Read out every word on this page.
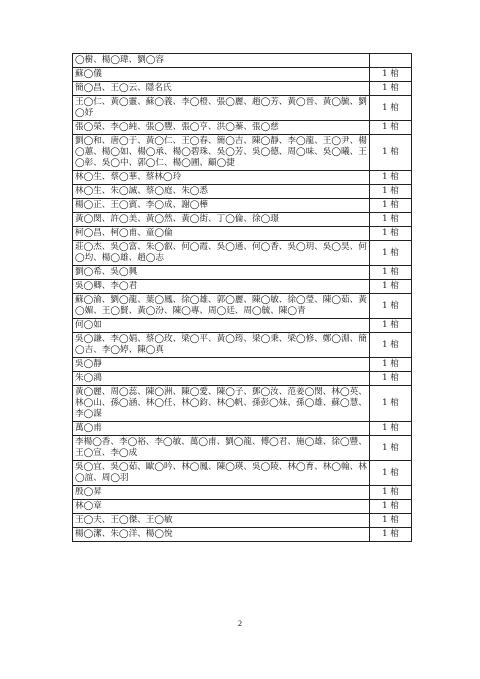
◯樹、楊◯瑋、劉◯容	
蘇◯儀	1 棺
簡◯昌、王◯云、隱名氏	1 棺
王◯仁、黃◯靈、蘇◯義、李◯橙、張◯麗、趙◯芳、黃◯晉、黃◯毓、劉◯妤	1 棺
張◯榮、李◯純、張◯豐、張◯亨、洪◯蓁、張◯慈	1 棺
劉◯和、唐◯于、黃◯仁、王◯春、簡◯吉、陳◯靜、李◯龍、王◯尹、楊◯蕙、楊◯如、楊◯承、楊◯碧珠、吳◯芳、吳◯德、周◯味、吳◯曦、王◯彰、吳◯中、郭◯仁、楊◯圃、顧◯捷	1 棺
林◯生、蔡◯華、蔡林◯玲	1 棺
林◯生、朱◯誠、蔡◯庭、朱◯悉	1 棺
楊◯正、王◯賓、李◯成、謝◯樺	1 棺
黃◯閔、許◯美、黃◯然、黃◯街、丁◯倫、徐◯璟	1 棺
柯◯昌、柯◯甫、童◯倫	1 棺
莊◯杰、吳◯富、朱◯叡、何◯霞、吳◯通、何◯香、吳◯玥、吳◯昊、何◯均、楊◯雄、趙◯志	1 棺
劉◯希、吳◯興	1 棺
吳◯卿、李◯君	1 棺
蘇◯渝、劉◯龍、葉◯鳳、徐◯雄、郭◯麗、陳◯敏、徐◯瑩、陳◯茹、黃◯媚、王◯賢、黃◯汾、陳◯專、周◯廷、周◯毓、陳◯青	1 棺
何◯如	1 棺
吳◯謙、李◯娟、蔡◯玫、梁◯平、黃◯筠、梁◯秉、梁◯修、鄭◯淵、簡◯吉、李◯婷、陳◯真	1 棺
吳◯靜	1 棺
朱◯鴻	1 棺
黃◯麗、周◯蕊、陳◯洲、陳◯愛、陳◯子、鄧◯汝、范姜◯閔、林◯英、林◯山、孫◯涵、林◯任、林◯鈞、林◯帆、孫彭◯妹、孫◯雄、蘇◯慧、李◯謀	1 棺
萬◯甫	1 棺
李楊◯香、李◯裕、李◯敏、萬◯甫、劉◯龍、傅◯君、施◯雄、徐◯豐、王◯宣、李◯成	1 棺
吳◯宜、吳◯茹、歐◯吟、林◯鳳、陳◯瑛、吳◯陵、林◯育、林◯翰、林◯誼、周◯羽	1 棺
殷◯昇	1 棺
林◯章	1 棺
王◯夫、王◯傑、王◯敏	1 棺
楊◯潔、朱◯洋、楊◯悅	1 棺
2
